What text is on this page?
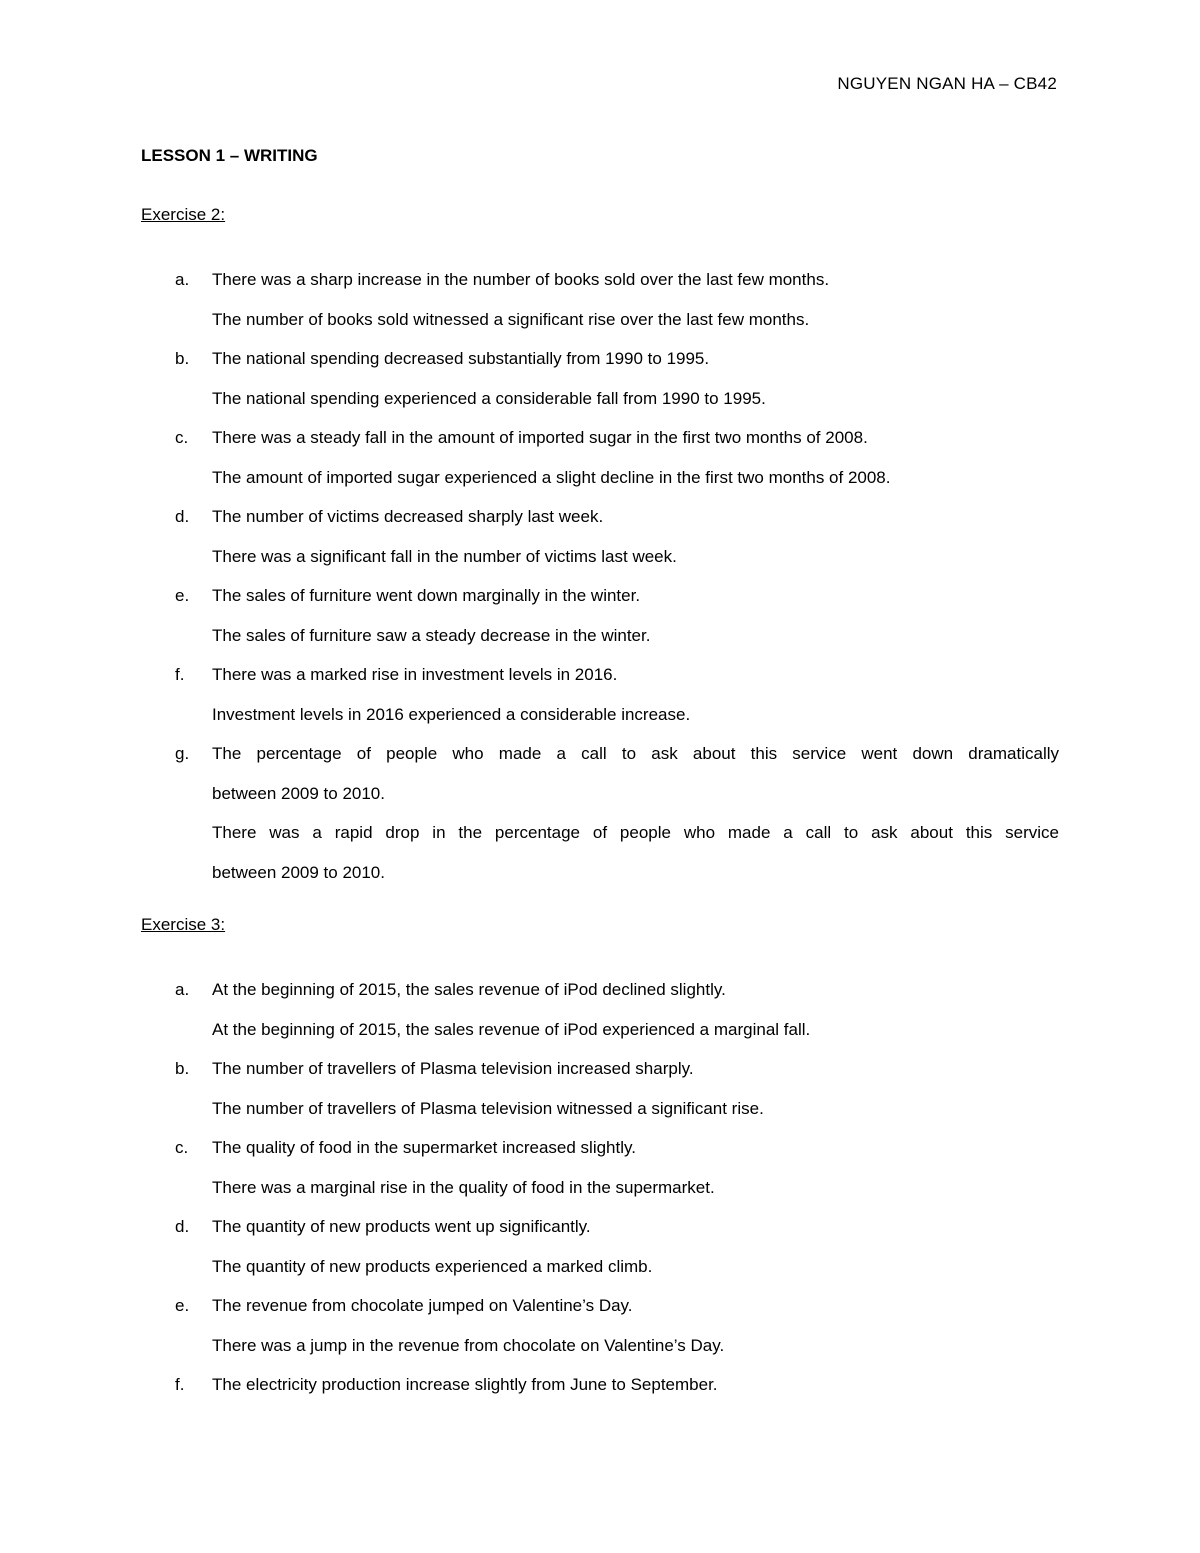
NGUYEN NGAN HA – CB42
LESSON 1 – WRITING

Exercise 2:

a. There was a sharp increase in the number of books sold over the last few months.
The number of books sold witnessed a significant rise over the last few months.
b. The national spending decreased substantially from 1990 to 1995.
The national spending experienced a considerable fall from 1990 to 1995.
c. There was a steady fall in the amount of imported sugar in the first two months of 2008.
The amount of imported sugar experienced a slight decline in the first two months of 2008.
d. The number of victims decreased sharply last week.
There was a significant fall in the number of victims last week.
e. The sales of furniture went down marginally in the winter.
The sales of furniture saw a steady decrease in the winter.
f. There was a marked rise in investment levels in 2016.
Investment levels in 2016 experienced a considerable increase.
g. The percentage of people who made a call to ask about this service went down dramatically
between 2009 to 2010.
There was a rapid drop in the percentage of people who made a call to ask about this service
between 2009 to 2010.

Exercise 3:

a. At the beginning of 2015, the sales revenue of iPod declined slightly.
At the beginning of 2015, the sales revenue of iPod experienced a marginal fall.
b. The number of travellers of Plasma television increased sharply.
The number of travellers of Plasma television witnessed a significant rise.
c. The quality of food in the supermarket increased slightly.
There was a marginal rise in the quality of food in the supermarket.
d. The quantity of new products went up significantly.
The quantity of new products experienced a marked climb.
e. The revenue from chocolate jumped on Valentine’s Day.
There was a jump in the revenue from chocolate on Valentine’s Day.
f. The electricity production increase slightly from June to September.
